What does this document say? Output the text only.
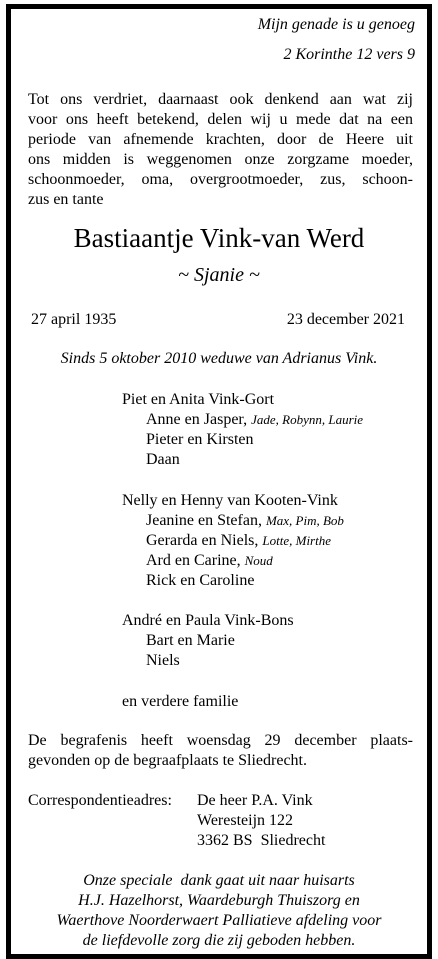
Mijn genade is u genoeg
2 Korinthe 12 vers 9
Tot ons verdriet, daarnaast ook denkend aan wat zij
voor ons heeft betekend, delen wij u mede dat na een
periode van afnemende krachten, door de Heere uit
ons midden is weggenomen onze zorgzame moeder,
schoonmoeder, oma, overgrootmoeder, zus, schoon-
zus en tante
Bastiaantje Vink-van Werd
~ Sjanie ~
27 april 1935	23 december 2021
Sinds 5 oktober 2010 weduwe van Adrianus Vink.
Piet en Anita Vink-Gort
Anne en Jasper, Jade, Robynn, Laurie
Pieter en Kirsten
Daan
Nelly en Henny van Kooten-Vink
Jeanine en Stefan, Max, Pim, Bob
Gerarda en Niels, Lotte, Mirthe
Ard en Carine, Noud
Rick en Caroline
André en Paula Vink-Bons
Bart en Marie
Niels
en verdere familie
De begrafenis heeft woensdag 29 december plaats-
gevonden op de begraafplaats te Sliedrecht.
Correspondentieadres: De heer P.A. Vink
Weresteijn 122
3362 BS  Sliedrecht
Onze speciale  dank gaat uit naar huisarts
H.J. Hazelhorst, Waardeburgh Thuiszorg en
Waerthove Noorderwaert Palliatieve afdeling voor
de liefdevolle zorg die zij geboden hebben.
